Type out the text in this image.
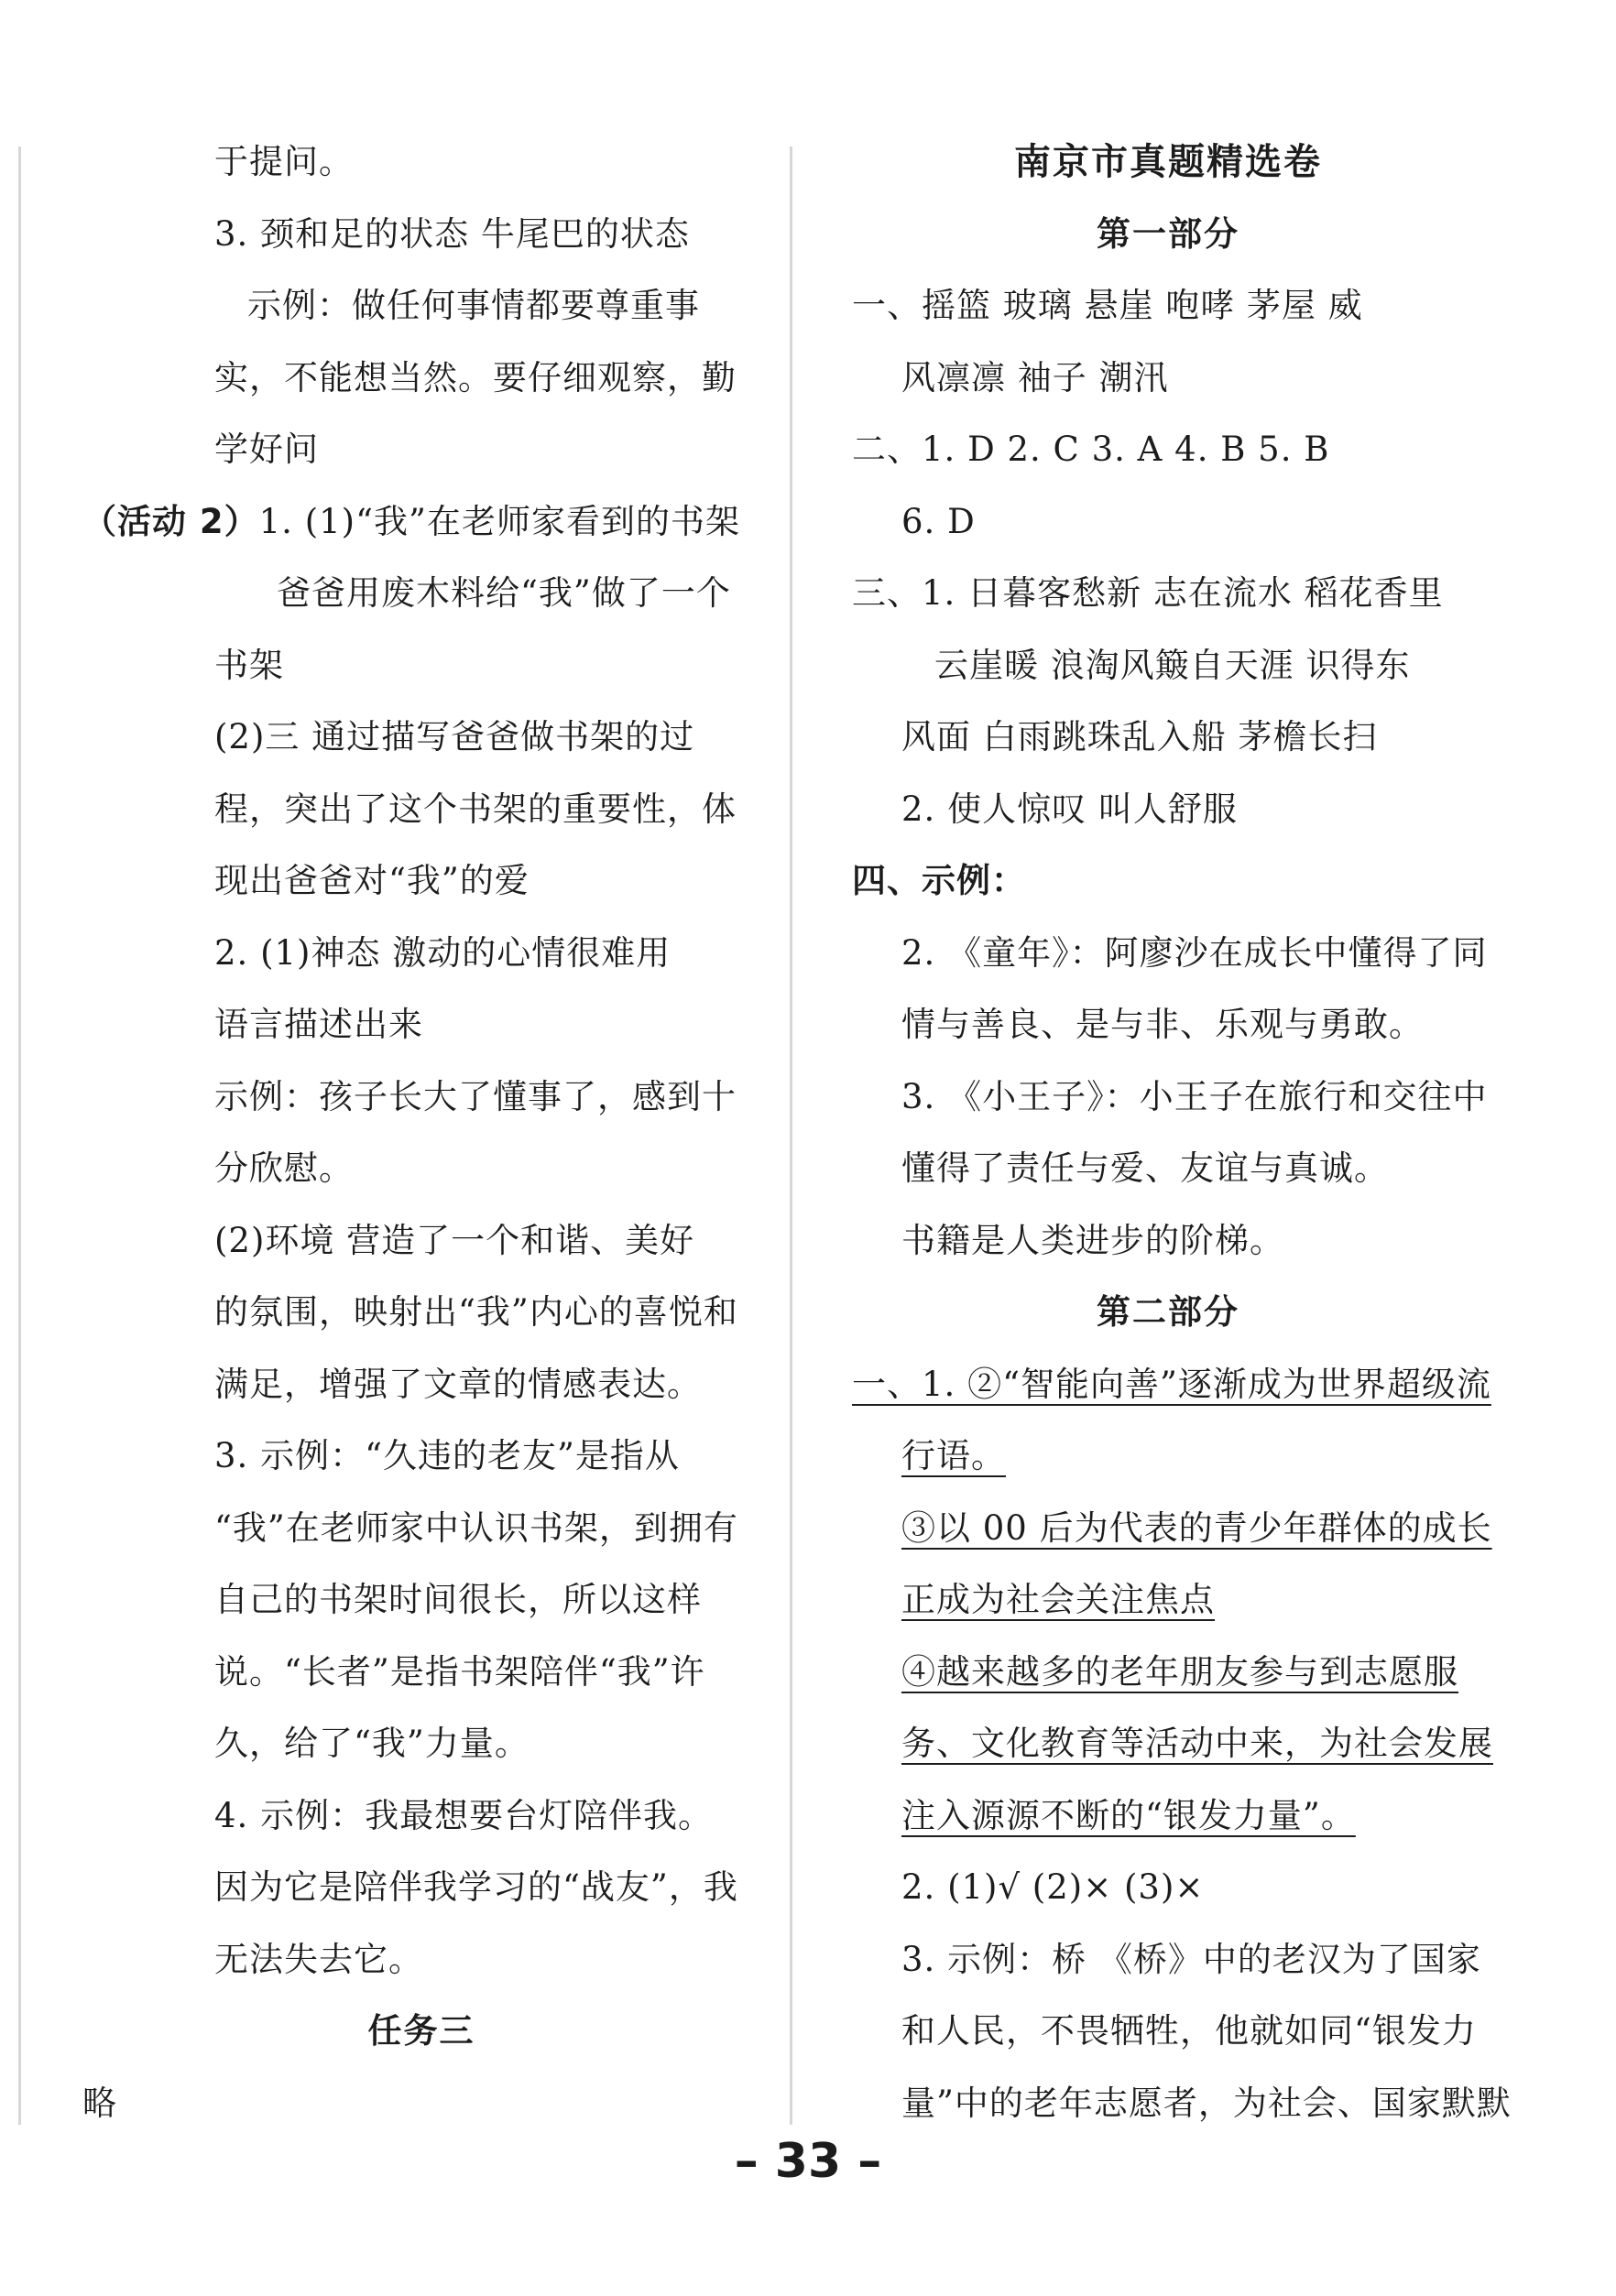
于提问。
3. 颈和足的状态 牛尾巴的状态
示例：做任何事情都要尊重事
实，不能想当然。要仔细观察，勤
学好问
（活动 2）1. (1)“我”在老师家看到的书架
爸爸用废木料给“我”做了一个
书架
(2)三 通过描写爸爸做书架的过
程，突出了这个书架的重要性，体
现出爸爸对“我”的爱
2. (1)神态 激动的心情很难用
语言描述出来
示例：孩子长大了懂事了，感到十
分欣慰。
(2)环境 营造了一个和谐、美好
的氛围，映射出“我”内心的喜悦和
满足，增强了文章的情感表达。
3. 示例：“久违的老友”是指从
“我”在老师家中认识书架，到拥有
自己的书架时间很长，所以这样
说。“长者”是指书架陪伴“我”许
久，给了“我”力量。
4. 示例：我最想要台灯陪伴我。
因为它是陪伴我学习的“战友”，我
无法失去它。
任务三
略
南京市真题精选卷
第一部分
一、摇篮 玻璃 悬崖 咆哮 茅屋 威
风凛凛 袖子 潮汛
二、1. D 2. C 3. A 4. B 5. B
6. D
三、1. 日暮客愁新 志在流水 稻花香里
云崖暖 浪淘风簸自天涯 识得东
风面 白雨跳珠乱入船 茅檐长扫
2. 使人惊叹 叫人舒服
四、示例：
2. 《童年》：阿廖沙在成长中懂得了同
情与善良、是与非、乐观与勇敢。
3. 《小王子》：小王子在旅行和交往中
懂得了责任与爱、友谊与真诚。
书籍是人类进步的阶梯。
第二部分
一、1. ②“智能向善”逐渐成为世界超级流
行语。
③以 00 后为代表的青少年群体的成长
正成为社会关注焦点
④越来越多的老年朋友参与到志愿服
务、文化教育等活动中来，为社会发展
注入源源不断的“银发力量”。
2. (1)√ (2)× (3)×
3. 示例：桥 《桥》中的老汉为了国家
和人民，不畏牺牲，他就如同“银发力
量”中的老年志愿者，为社会、国家默默
– 33 –
